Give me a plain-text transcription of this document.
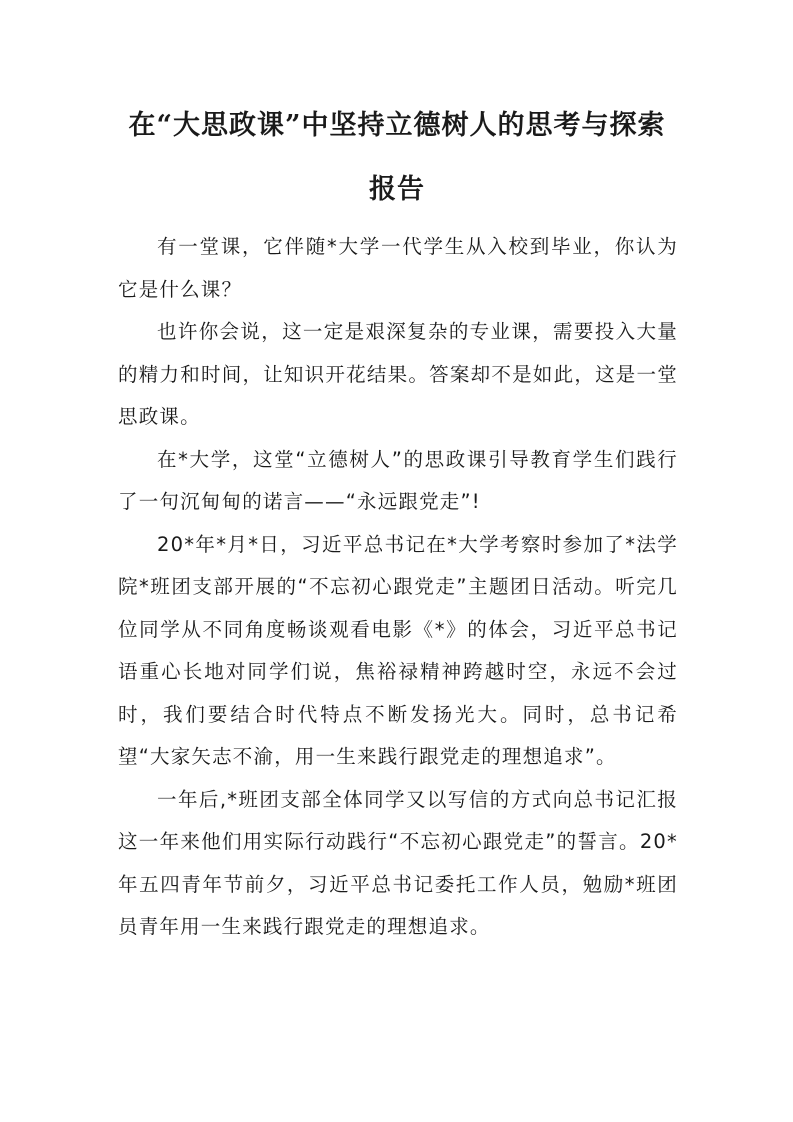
在“大思政课”中坚持立德树人的思考与探索报告

有一堂课，它伴随*大学一代学生从入校到毕业，你认为它是什么课？

也许你会说，这一定是艰深复杂的专业课，需要投入大量的精力和时间，让知识开花结果。答案却不是如此，这是一堂思政课。

在*大学，这堂“立德树人”的思政课引导教育学生们践行了一句沉甸甸的诺言——“永远跟党走”!

20*年*月*日，习近平总书记在*大学考察时参加了*法学院*班团支部开展的“不忘初心跟党走”主题团日活动。听完几位同学从不同角度畅谈观看电影《*》的体会，习近平总书记语重心长地对同学们说，焦裕禄精神跨越时空，永远不会过时，我们要结合时代特点不断发扬光大。同时，总书记希望“大家矢志不渝，用一生来践行跟党走的理想追求”。

一年后,*班团支部全体同学又以写信的方式向总书记汇报这一年来他们用实际行动践行“不忘初心跟党走”的誓言。20*年五四青年节前夕，习近平总书记委托工作人员，勉励*班团员青年用一生来践行跟党走的理想追求。
